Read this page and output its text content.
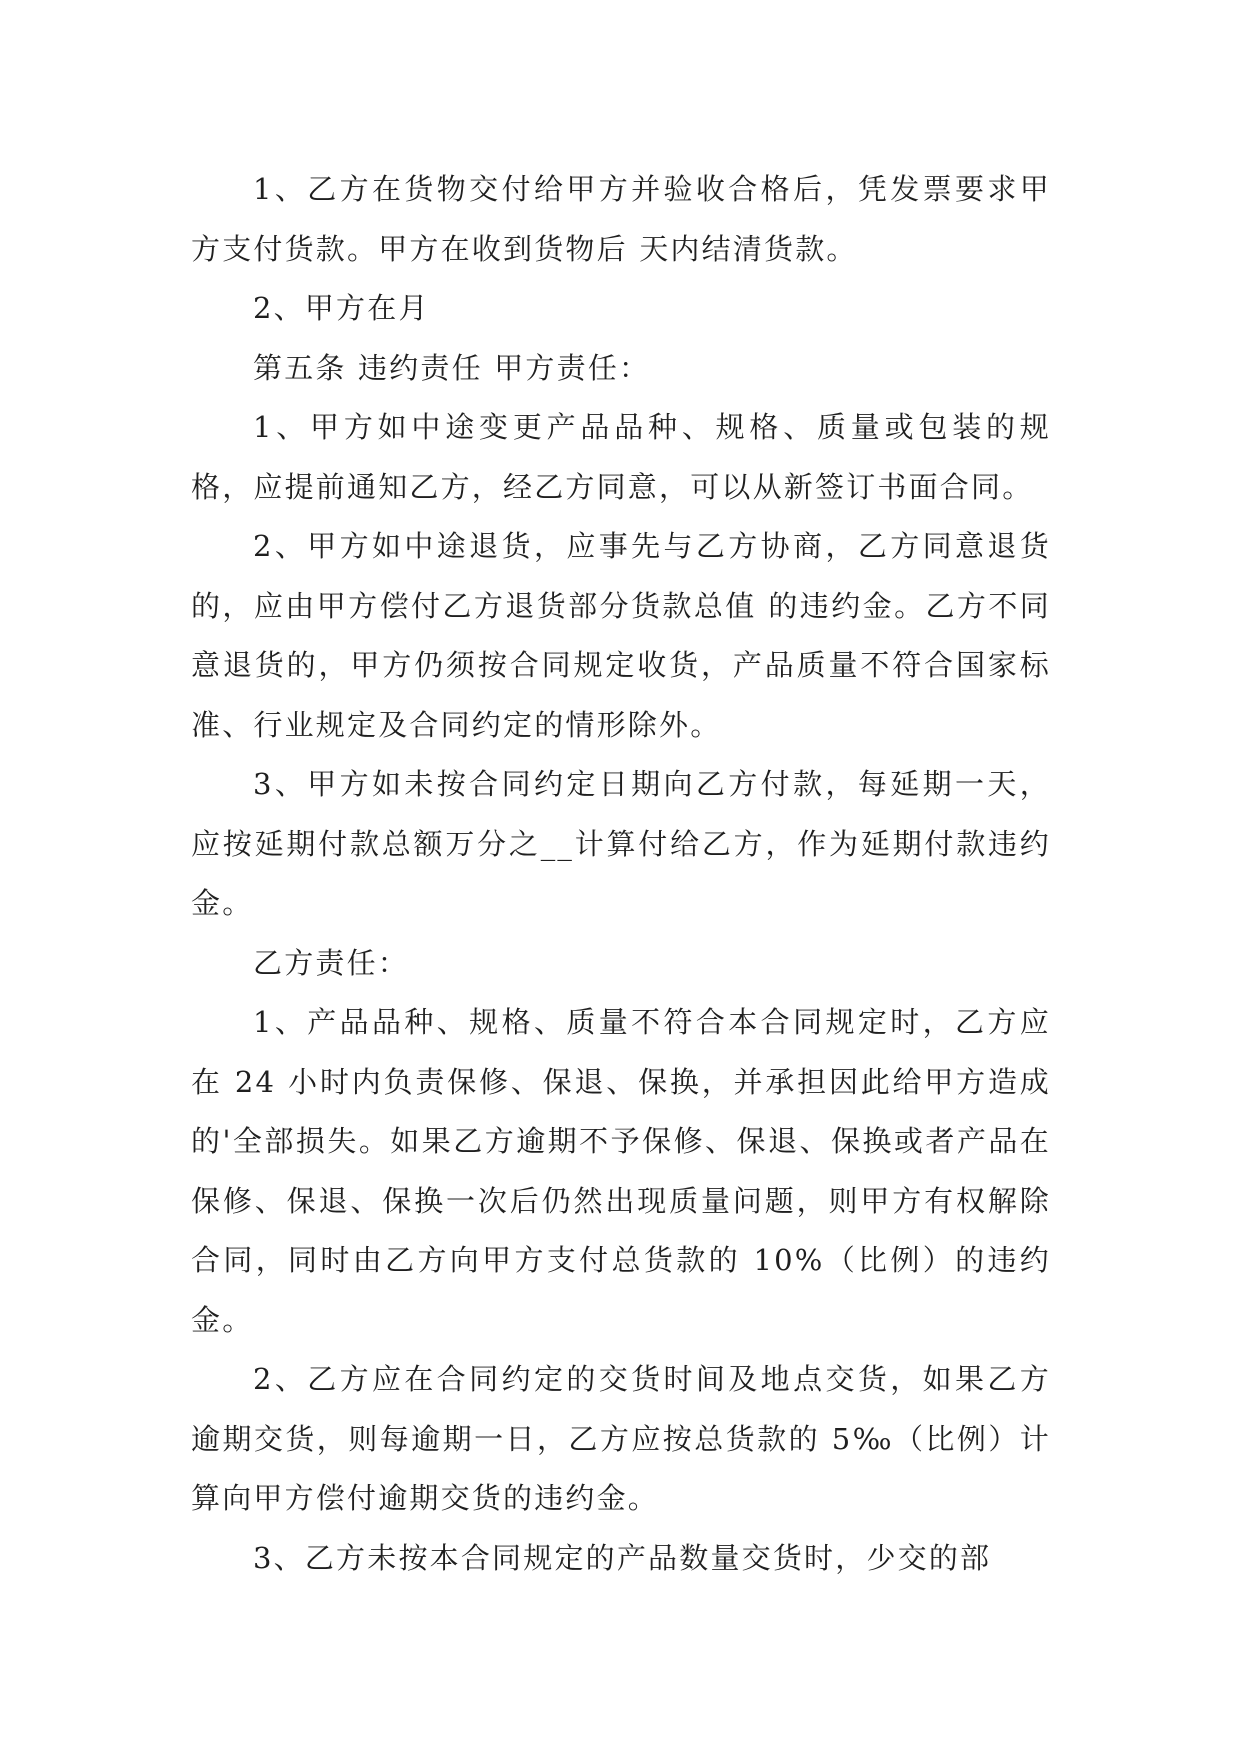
1、乙方在货物交付给甲方并验收合格后，凭发票要求甲方支付货款。甲方在收到货物后 天内结清货款。

2、甲方在月

第五条 违约责任 甲方责任：

1、甲方如中途变更产品品种、规格、质量或包装的规格，应提前通知乙方，经乙方同意，可以从新签订书面合同。

2、甲方如中途退货，应事先与乙方协商，乙方同意退货的，应由甲方偿付乙方退货部分货款总值 的违约金。乙方不同意退货的，甲方仍须按合同规定收货，产品质量不符合国家标准、行业规定及合同约定的情形除外。

3、甲方如未按合同约定日期向乙方付款，每延期一天，应按延期付款总额万分之__计算付给乙方，作为延期付款违约金。

乙方责任：

1、产品品种、规格、质量不符合本合同规定时，乙方应在 24 小时内负责保修、保退、保换，并承担因此给甲方造成的'全部损失。如果乙方逾期不予保修、保退、保换或者产品在保修、保退、保换一次后仍然出现质量问题，则甲方有权解除合同，同时由乙方向甲方支付总货款的 10%（比例）的违约金。

2、乙方应在合同约定的交货时间及地点交货，如果乙方逾期交货，则每逾期一日，乙方应按总货款的 5‰（比例）计算向甲方偿付逾期交货的违约金。

3、乙方未按本合同规定的产品数量交货时，少交的部
